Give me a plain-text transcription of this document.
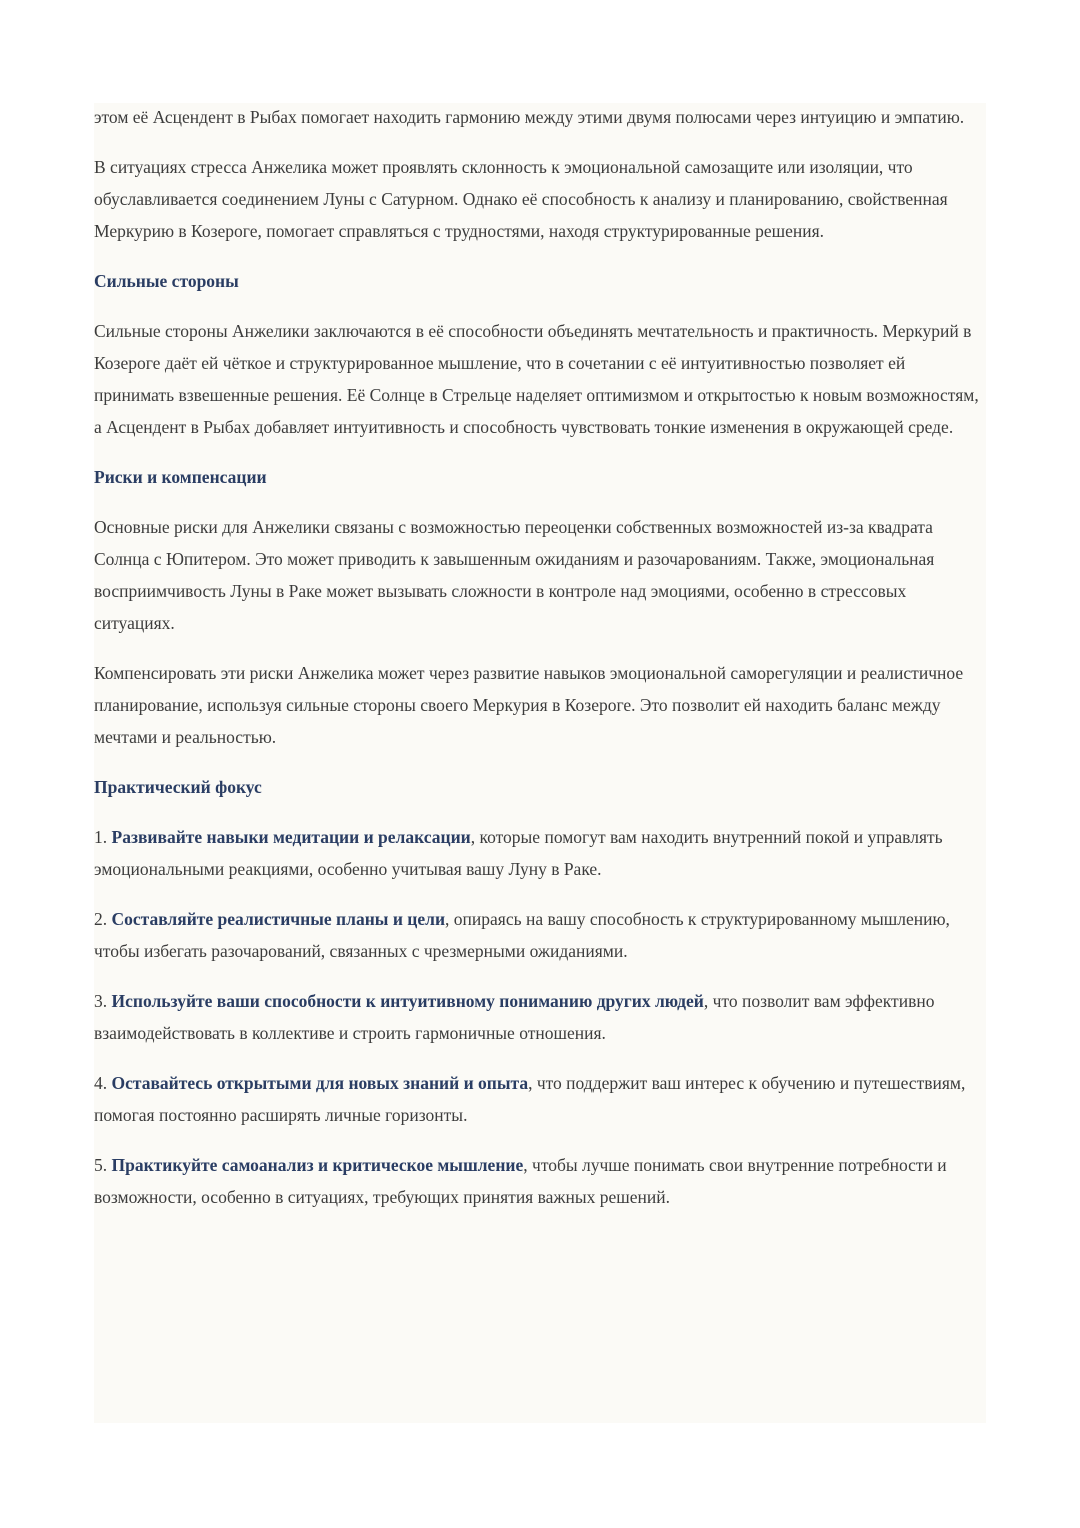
этом её Асцендент в Рыбах помогает находить гармонию между этими двумя полюсами через интуицию и эмпатию.

В ситуациях стресса Анжелика может проявлять склонность к эмоциональной самозащите или изоляции, что обуславливается соединением Луны с Сатурном. Однако её способность к анализу и планированию, свойственная Меркурию в Козероге, помогает справляться с трудностями, находя структурированные решения.

Сильные стороны

Сильные стороны Анжелики заключаются в её способности объединять мечтательность и практичность. Меркурий в Козероге даёт ей чёткое и структурированное мышление, что в сочетании с её интуитивностью позволяет ей принимать взвешенные решения. Её Солнце в Стрельце наделяет оптимизмом и открытостью к новым возможностям, а Асцендент в Рыбах добавляет интуитивность и способность чувствовать тонкие изменения в окружающей среде.

Риски и компенсации

Основные риски для Анжелики связаны с возможностью переоценки собственных возможностей из-за квадрата Солнца с Юпитером. Это может приводить к завышенным ожиданиям и разочарованиям. Также, эмоциональная восприимчивость Луны в Раке может вызывать сложности в контроле над эмоциями, особенно в стрессовых ситуациях.

Компенсировать эти риски Анжелика может через развитие навыков эмоциональной саморегуляции и реалистичное планирование, используя сильные стороны своего Меркурия в Козероге. Это позволит ей находить баланс между мечтами и реальностью.

Практический фокус

1. Развивайте навыки медитации и релаксации, которые помогут вам находить внутренний покой и управлять эмоциональными реакциями, особенно учитывая вашу Луну в Раке.

2. Составляйте реалистичные планы и цели, опираясь на вашу способность к структурированному мышлению, чтобы избегать разочарований, связанных с чрезмерными ожиданиями.

3. Используйте ваши способности к интуитивному пониманию других людей, что позволит вам эффективно взаимодействовать в коллективе и строить гармоничные отношения.

4. Оставайтесь открытыми для новых знаний и опыта, что поддержит ваш интерес к обучению и путешествиям, помогая постоянно расширять личные горизонты.

5. Практикуйте самоанализ и критическое мышление, чтобы лучше понимать свои внутренние потребности и возможности, особенно в ситуациях, требующих принятия важных решений.
